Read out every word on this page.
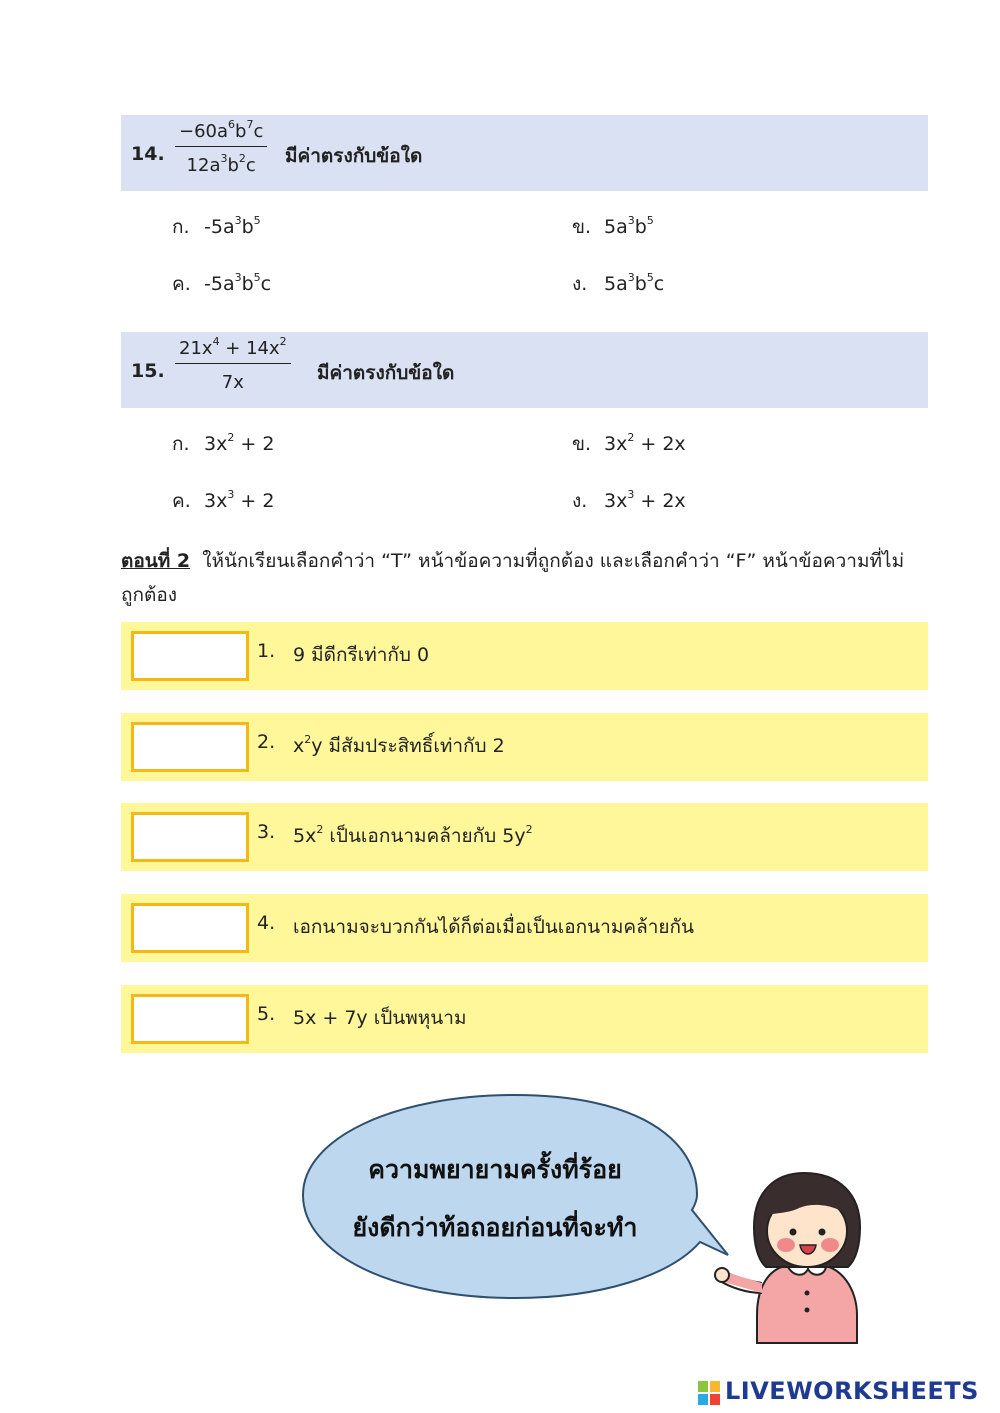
14. $\frac{-60a^6b^7c}{12a^3b^2c}$ มีค่าตรงกับข้อใด
ก. $-5a^3b^5$	ข. $5a^3b^5$
ค. $-5a^3b^5c$	ง. $5a^3b^5c$
15. $\frac{21x^4 + 14x^2}{7x}$ มีค่าตรงกับข้อใด
ก. $3x^2 + 2$	ข. $3x^2 + 2x$
ค. $3x^3 + 2$	ง. $3x^3 + 2x$
ตอนที่ 2 ให้นักเรียนเลือกคำว่า “T” หน้าข้อความที่ถูกต้อง และเลือกคำว่า “F” หน้าข้อความที่ไม่ถูกต้อง
1. 9 มีดีกรีเท่ากับ 0
2. $x^2y$ มีสัมประสิทธิ์เท่ากับ 2
3. $5x^2$ เป็นเอกนามคล้ายกับ $5y^2$
4. เอกนามจะบวกกันได้ก็ต่อเมื่อเป็นเอกนามคล้ายกัน
5. 5x + 7y เป็นพหุนาม
ความพยายามครั้งที่ร้อย
ยังดีกว่าท้อถอยก่อนที่จะทำ
LIVEWORKSHEETS
